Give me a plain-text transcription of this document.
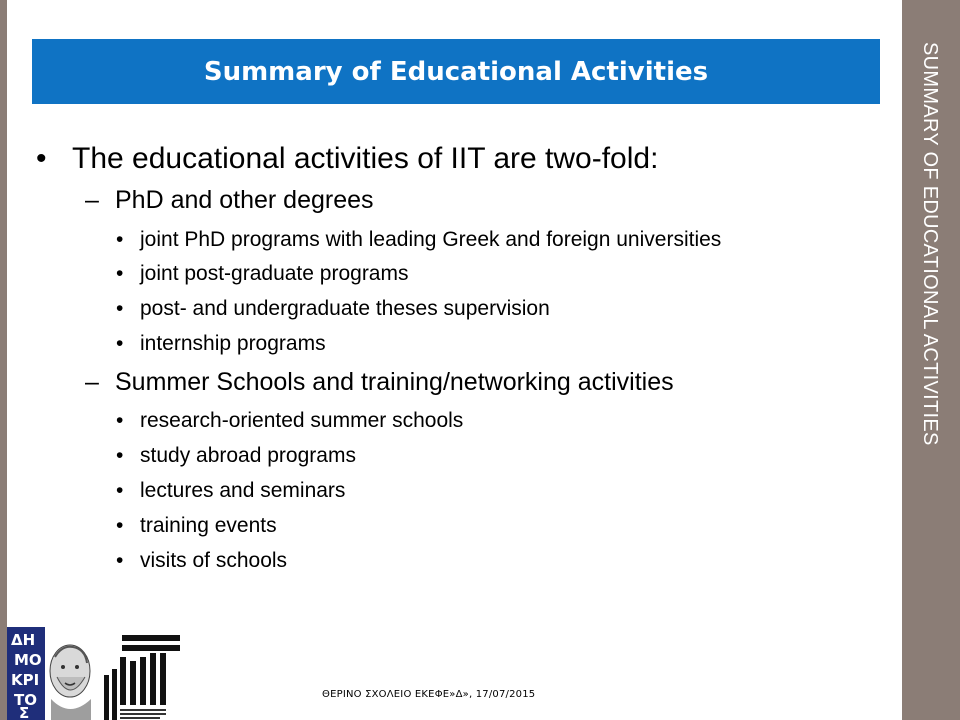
SUMMARY OF EDUCATIONAL ACTIVITIES
Summary of Educational Activities
• The educational activities of IIT are two-fold:
– PhD and other degrees
• joint PhD programs with leading Greek and foreign universities
• joint post-graduate programs
• post- and undergraduate theses supervision
• internship programs
– Summer Schools and training/networking activities
• research-oriented summer schools
• study abroad programs
• lectures and seminars
• training events
• visits of schools
ΔΗ
ΜΟ
ΚΡΙ
ΤΟ
Σ
ΘΕΡΙΝΟ ΣΧΟΛΕΙΟ ΕΚΕΦΕ»Δ», 17/07/2015
